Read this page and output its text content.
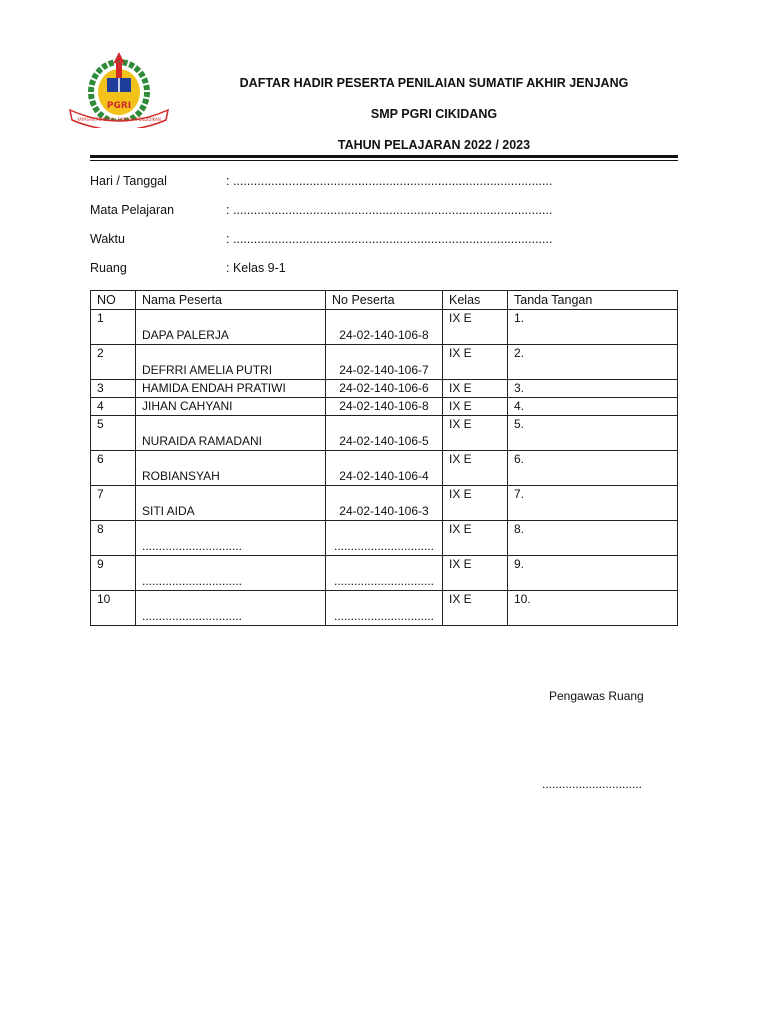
PGRI
YAYASAN PEMBINA LEMBAGA PENDIDIKAN
DAFTAR HADIR PESERTA PENILAIAN SUMATIF AKHIR JENJANG
SMP PGRI CIKIDANG
TAHUN PELAJARAN 2022 / 2023
Hari / Tanggal	: ............................................................................................
Mata Pelajaran	: ............................................................................................
Waktu	: ............................................................................................
Ruang	: Kelas 9-1
NO	Nama Peserta	No Peserta	Kelas	Tanda Tangan
1	DAPA PALERJA	24-02-140-106-8	IX E	1.
2	DEFRRI AMELIA PUTRI	24-02-140-106-7	IX E	2.
3	HAMIDA ENDAH PRATIWI	24-02-140-106-6	IX E	3.
4	JIHAN CAHYANI	24-02-140-106-8	IX E	4.
5	NURAIDA RAMADANI	24-02-140-106-5	IX E	5.
6	ROBIANSYAH	24-02-140-106-4	IX E	6.
7	SITI AIDA	24-02-140-106-3	IX E	7.
8	..............................	..............................	IX E	8.
9	..............................	..............................	IX E	9.
10	..............................	..............................	IX E	10.
Pengawas Ruang
..............................
